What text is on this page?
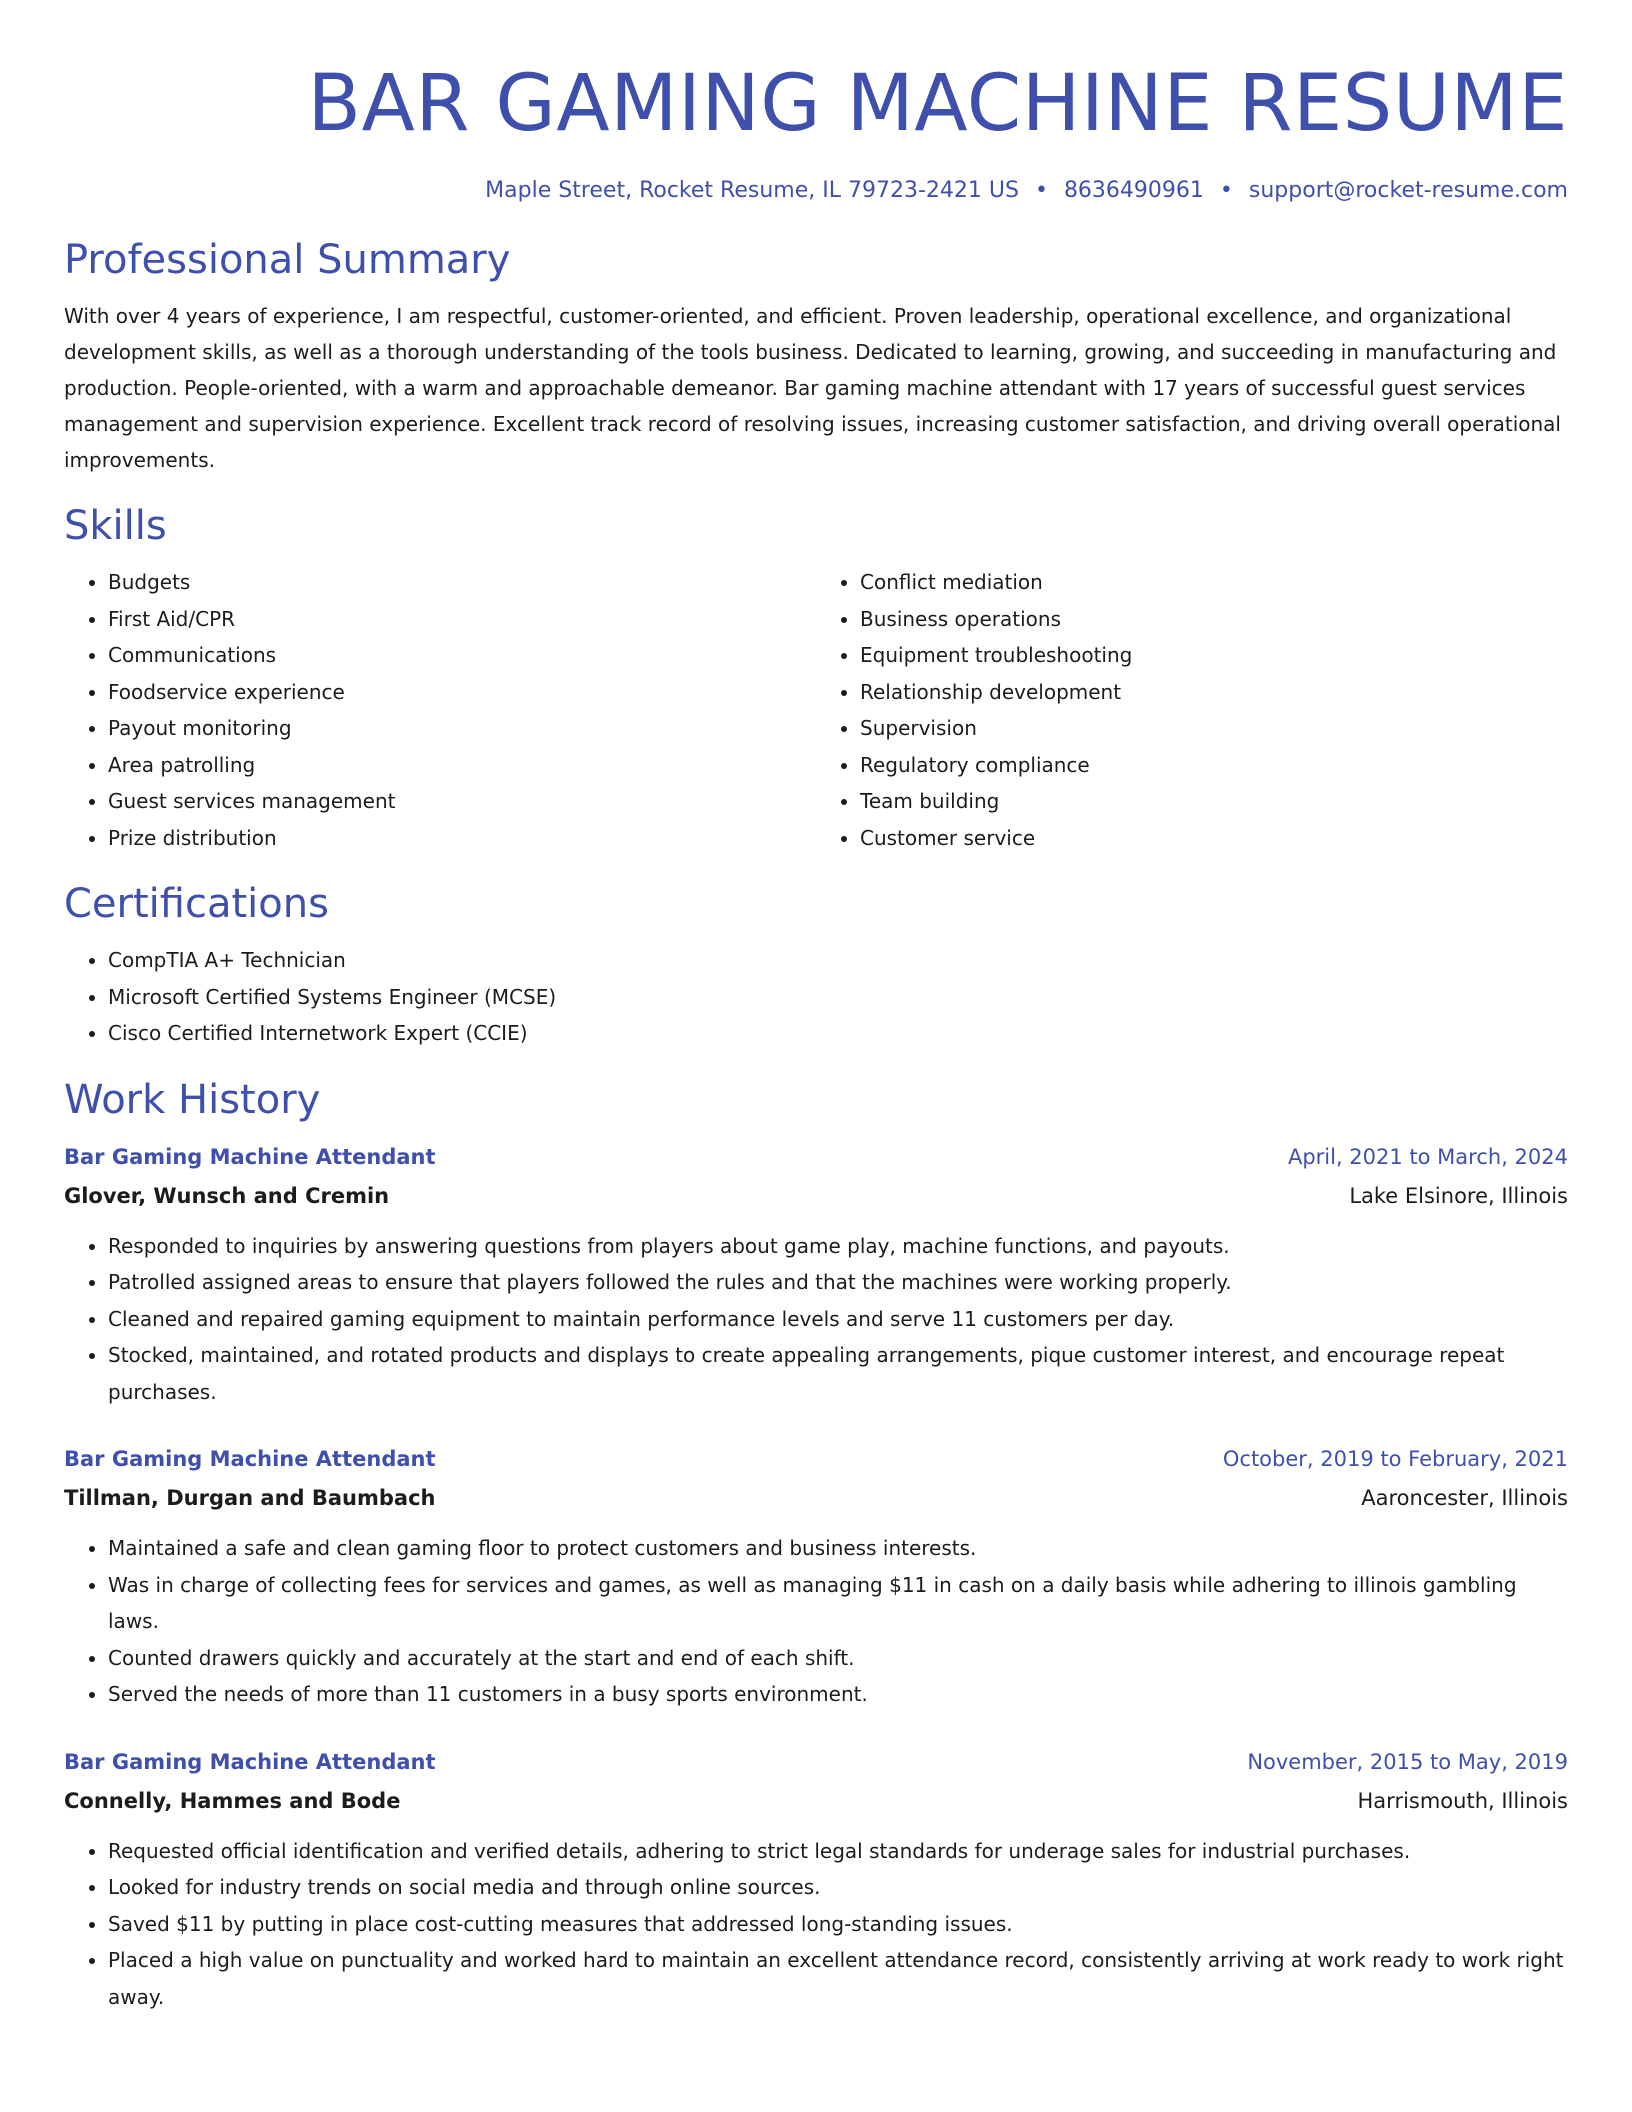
BAR GAMING MACHINE RESUME
Maple Street, Rocket Resume, IL 79723-2421 US • 8636490961 • support@rocket-resume.com
Professional Summary
With over 4 years of experience, I am respectful, customer-oriented, and efficient. Proven leadership, operational excellence, and organizational development skills, as well as a thorough understanding of the tools business. Dedicated to learning, growing, and succeeding in manufacturing and production. People-oriented, with a warm and approachable demeanor. Bar gaming machine attendant with 17 years of successful guest services management and supervision experience. Excellent track record of resolving issues, increasing customer satisfaction, and driving overall operational improvements.
Skills
• Budgets
• First Aid/CPR
• Communications
• Foodservice experience
• Payout monitoring
• Area patrolling
• Guest services management
• Prize distribution
• Conflict mediation
• Business operations
• Equipment troubleshooting
• Relationship development
• Supervision
• Regulatory compliance
• Team building
• Customer service
Certifications
• CompTIA A+ Technician
• Microsoft Certified Systems Engineer (MCSE)
• Cisco Certified Internetwork Expert (CCIE)
Work History
Bar Gaming Machine Attendant	April, 2021 to March, 2024
Glover, Wunsch and Cremin	Lake Elsinore, Illinois
• Responded to inquiries by answering questions from players about game play, machine functions, and payouts.
• Patrolled assigned areas to ensure that players followed the rules and that the machines were working properly.
• Cleaned and repaired gaming equipment to maintain performance levels and serve 11 customers per day.
• Stocked, maintained, and rotated products and displays to create appealing arrangements, pique customer interest, and encourage repeat purchases.
Bar Gaming Machine Attendant	October, 2019 to February, 2021
Tillman, Durgan and Baumbach	Aaroncester, Illinois
• Maintained a safe and clean gaming floor to protect customers and business interests.
• Was in charge of collecting fees for services and games, as well as managing $11 in cash on a daily basis while adhering to illinois gambling laws.
• Counted drawers quickly and accurately at the start and end of each shift.
• Served the needs of more than 11 customers in a busy sports environment.
Bar Gaming Machine Attendant	November, 2015 to May, 2019
Connelly, Hammes and Bode	Harrismouth, Illinois
• Requested official identification and verified details, adhering to strict legal standards for underage sales for industrial purchases.
• Looked for industry trends on social media and through online sources.
• Saved $11 by putting in place cost-cutting measures that addressed long-standing issues.
• Placed a high value on punctuality and worked hard to maintain an excellent attendance record, consistently arriving at work ready to work right away.
